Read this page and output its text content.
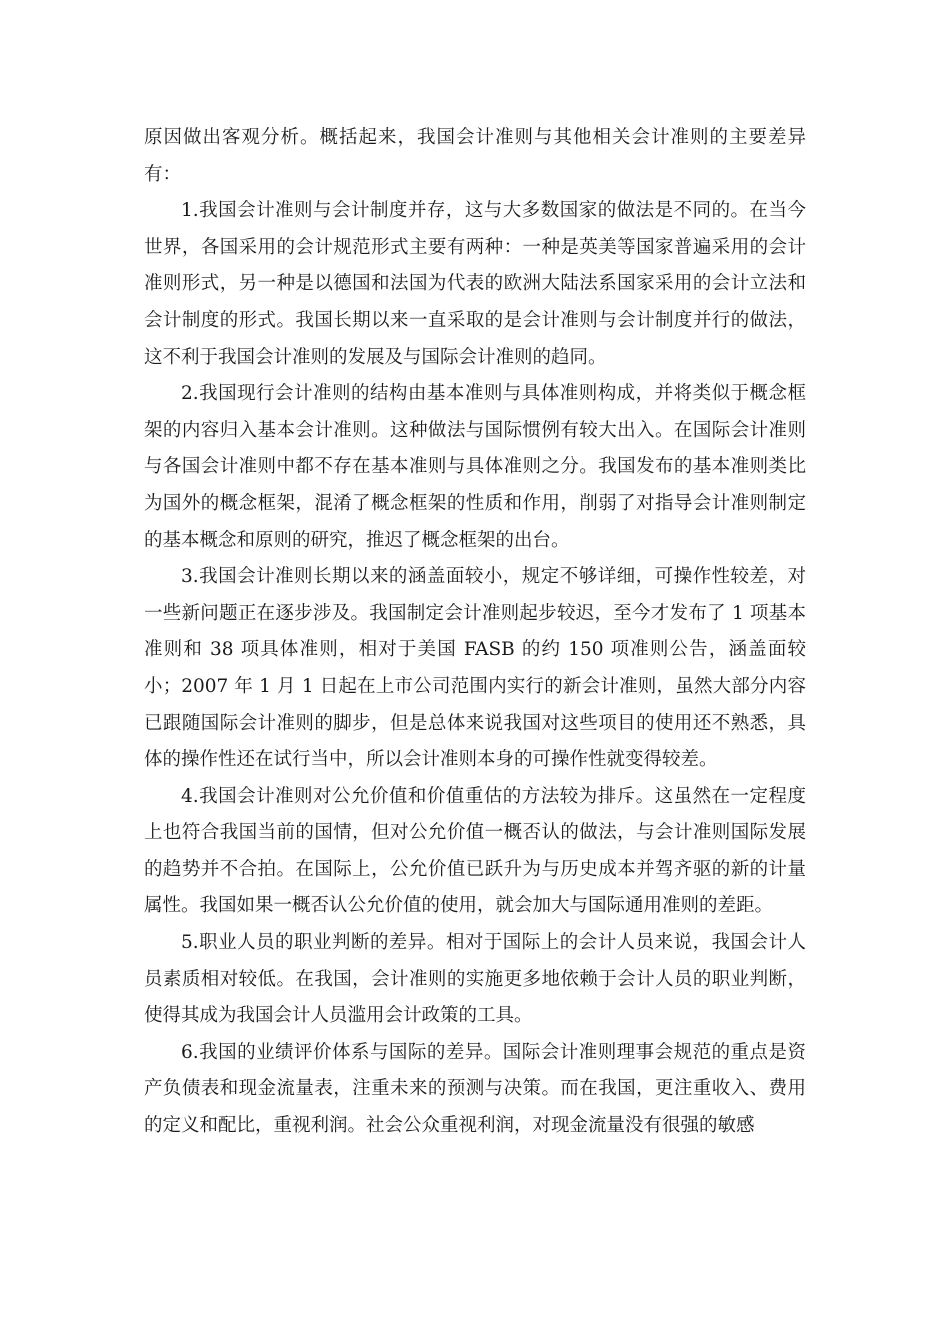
原因做出客观分析。概括起来，我国会计准则与其他相关会计准则的主要差异有：

1.我国会计准则与会计制度并存，这与大多数国家的做法是不同的。在当今世界，各国采用的会计规范形式主要有两种：一种是英美等国家普遍采用的会计准则形式，另一种是以德国和法国为代表的欧洲大陆法系国家采用的会计立法和会计制度的形式。我国长期以来一直采取的是会计准则与会计制度并行的做法，这不利于我国会计准则的发展及与国际会计准则的趋同。

2.我国现行会计准则的结构由基本准则与具体准则构成，并将类似于概念框架的内容归入基本会计准则。这种做法与国际惯例有较大出入。在国际会计准则与各国会计准则中都不存在基本准则与具体准则之分。我国发布的基本准则类比为国外的概念框架，混淆了概念框架的性质和作用，削弱了对指导会计准则制定的基本概念和原则的研究，推迟了概念框架的出台。

3.我国会计准则长期以来的涵盖面较小，规定不够详细，可操作性较差，对一些新问题正在逐步涉及。我国制定会计准则起步较迟，至今才发布了 1 项基本准则和 38 项具体准则，相对于美国 FASB 的约 150 项准则公告，涵盖面较小；2007 年 1 月 1 日起在上市公司范围内实行的新会计准则，虽然大部分内容已跟随国际会计准则的脚步，但是总体来说我国对这些项目的使用还不熟悉，具体的操作性还在试行当中，所以会计准则本身的可操作性就变得较差。

4.我国会计准则对公允价值和价值重估的方法较为排斥。这虽然在一定程度上也符合我国当前的国情，但对公允价值一概否认的做法，与会计准则国际发展的趋势并不合拍。在国际上，公允价值已跃升为与历史成本并驾齐驱的新的计量属性。我国如果一概否认公允价值的使用，就会加大与国际通用准则的差距。

5.职业人员的职业判断的差异。相对于国际上的会计人员来说，我国会计人员素质相对较低。在我国，会计准则的实施更多地依赖于会计人员的职业判断，使得其成为我国会计人员滥用会计政策的工具。

6.我国的业绩评价体系与国际的差异。国际会计准则理事会规范的重点是资产负债表和现金流量表，注重未来的预测与决策。而在我国，更注重收入、费用的定义和配比，重视利润。社会公众重视利润，对现金流量没有很强的敏感
